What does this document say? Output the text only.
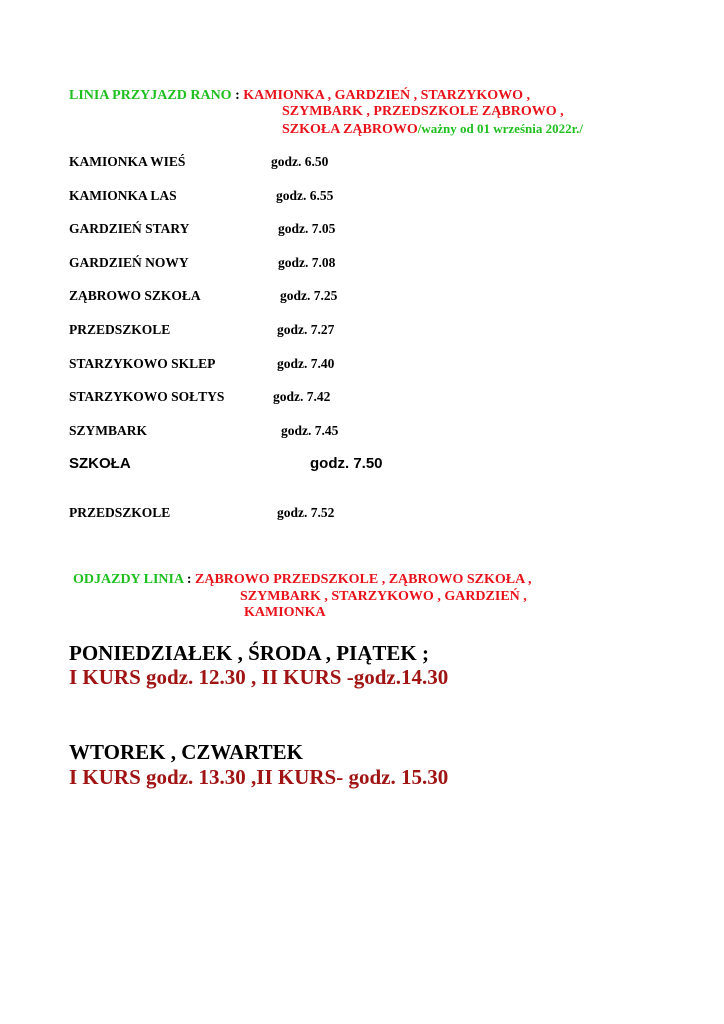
LINIA PRZYJAZD RANO : KAMIONKA , GARDZIEŃ , STARZYKOWO ,
SZYMBARK , PRZEDSZKOLE ZĄBROWO ,
SZKOŁA ZĄBROWO/ważny od 01 września 2022r./
KAMIONKA WIEŚ	godz. 6.50
KAMIONKA LAS	godz. 6.55
GARDZIEŃ STARY	godz. 7.05
GARDZIEŃ NOWY	godz. 7.08
ZĄBROWO SZKOŁA	godz. 7.25
PRZEDSZKOLE	godz. 7.27
STARZYKOWO SKLEP	godz. 7.40
STARZYKOWO SOŁTYS	godz. 7.42
SZYMBARK	godz. 7.45
SZKOŁA	godz. 7.50
PRZEDSZKOLE	godz. 7.52
ODJAZDY LINIA : ZĄBROWO PRZEDSZKOLE , ZĄBROWO SZKOŁA ,
SZYMBARK , STARZYKOWO , GARDZIEŃ ,
KAMIONKA
PONIEDZIAŁEK , ŚRODA , PIĄTEK ;
I KURS godz. 12.30 , II KURS -godz.14.30
WTOREK , CZWARTEK
I KURS godz. 13.30 ,II KURS- godz. 15.30
